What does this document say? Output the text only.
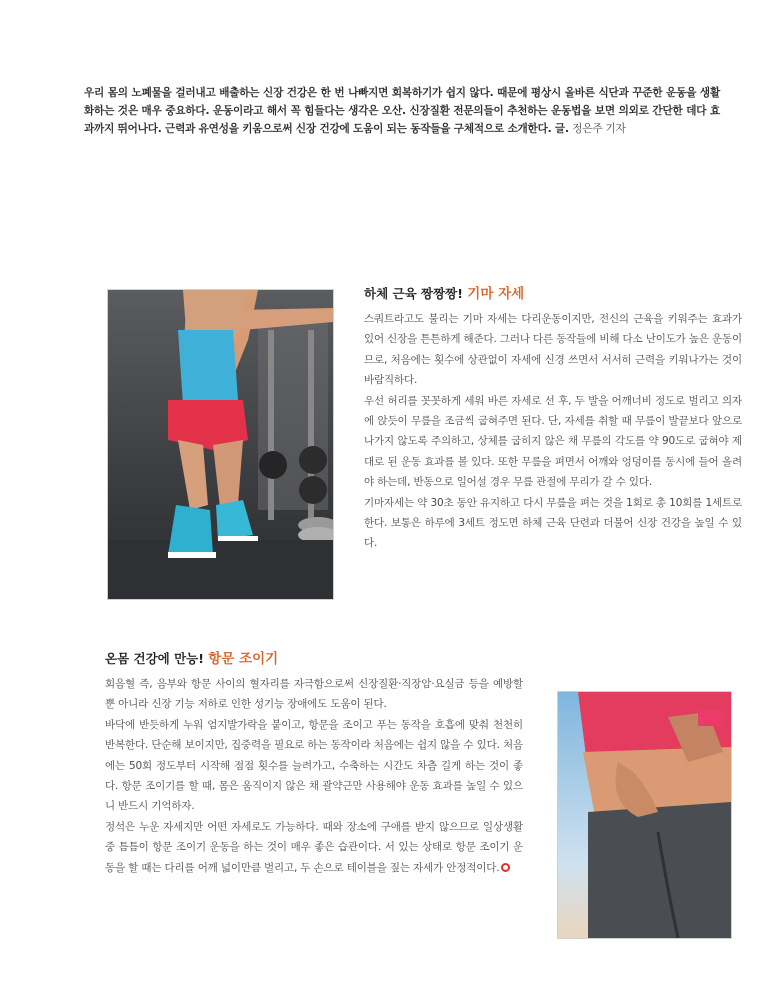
우리 몸의 노폐물을 걸러내고 배출하는 신장 건강은 한 번 나빠지면 회복하기가 쉽지 않다. 때문에 평상시 올바른 식단과 꾸준한 운동을 생활화하는 것은 매우 중요하다. 운동이라고 해서 꼭 힘들다는 생각은 오산. 신장질환 전문의들이 추천하는 운동법을 보면 의외로 간단한 데다 효과까지 뛰어나다. 근력과 유연성을 키움으로써 신장 건강에 도움이 되는 동작들을 구체적으로 소개한다. 글. 정은주 기자
하체 근육 짱짱짱! 기마 자세

스쿼트라고도 불리는 기마 자세는 다리운동이지만, 전신의 근육을 키워주는 효과가 있어 신장을 튼튼하게 해준다. 그러나 다른 동작들에 비해 다소 난이도가 높은 운동이므로, 처음에는 횟수에 상관없이 자세에 신경 쓰면서 서서히 근력을 키워나가는 것이 바람직하다.

우선 허리를 꼿꼿하게 세워 바른 자세로 선 후, 두 발을 어깨너비 정도로 벌리고 의자에 앉듯이 무릎을 조금씩 굽혀주면 된다. 단, 자세를 취할 때 무릎이 발끝보다 앞으로 나가지 않도록 주의하고, 상체를 굽히지 않은 채 무릎의 각도를 약 90도로 굽혀야 제대로 된 운동 효과를 볼 있다. 또한 무릎을 펴면서 어깨와 엉덩이를 동시에 들어 올려야 하는데, 반동으로 일어설 경우 무릎 관절에 무리가 갈 수 있다.

기마자세는 약 30초 동안 유지하고 다시 무릎을 펴는 것을 1회로 총 10회를 1세트로 한다. 보통은 하루에 3세트 정도면 하체 근육 단련과 더불어 신장 건강을 높일 수 있다.

온몸 건강에 만능! 항문 조이기

회음혈 즉, 음부와 항문 사이의 혈자리를 자극함으로써 신장질환·직장암·요실금 등을 예방할 뿐 아니라 신장 기능 저하로 인한 성기능 장애에도 도움이 된다.

바닥에 반듯하게 누워 엄지발가락을 붙이고, 항문을 조이고 푸는 동작을 호흡에 맞춰 천천히 반복한다. 단순해 보이지만, 집중력을 필요로 하는 동작이라 처음에는 쉽지 않을 수 있다. 처음에는 50회 정도부터 시작해 점점 횟수를 늘려가고, 수축하는 시간도 차츰 길게 하는 것이 좋다. 항문 조이기를 할 때, 몸은 움직이지 않은 채 괄약근만 사용해야 운동 효과를 높일 수 있으니 반드시 기억하자.

정석은 누운 자세지만 어떤 자세로도 가능하다. 때와 장소에 구애를 받지 않으므로 일상생활 중 틈틈이 항문 조이기 운동을 하는 것이 매우 좋은 습관이다. 서 있는 상태로 항문 조이기 운동을 할 때는 다리를 어깨 넓이만큼 벌리고, 두 손으로 테이블을 짚는 자세가 안정적이다.
